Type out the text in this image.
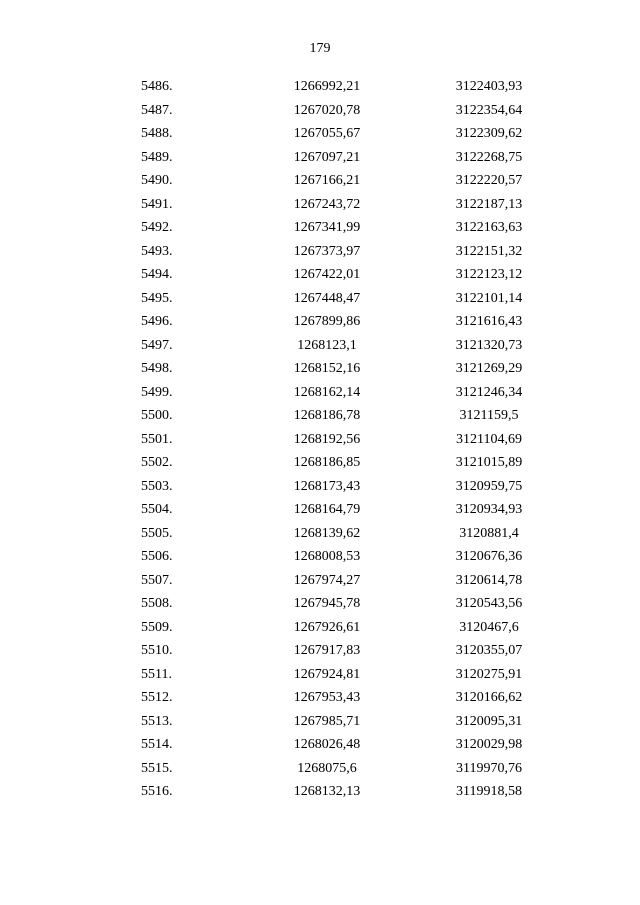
179
5486.	1266992,21	3122403,93
5487.	1267020,78	3122354,64
5488.	1267055,67	3122309,62
5489.	1267097,21	3122268,75
5490.	1267166,21	3122220,57
5491.	1267243,72	3122187,13
5492.	1267341,99	3122163,63
5493.	1267373,97	3122151,32
5494.	1267422,01	3122123,12
5495.	1267448,47	3122101,14
5496.	1267899,86	3121616,43
5497.	1268123,1	3121320,73
5498.	1268152,16	3121269,29
5499.	1268162,14	3121246,34
5500.	1268186,78	3121159,5
5501.	1268192,56	3121104,69
5502.	1268186,85	3121015,89
5503.	1268173,43	3120959,75
5504.	1268164,79	3120934,93
5505.	1268139,62	3120881,4
5506.	1268008,53	3120676,36
5507.	1267974,27	3120614,78
5508.	1267945,78	3120543,56
5509.	1267926,61	3120467,6
5510.	1267917,83	3120355,07
5511.	1267924,81	3120275,91
5512.	1267953,43	3120166,62
5513.	1267985,71	3120095,31
5514.	1268026,48	3120029,98
5515.	1268075,6	3119970,76
5516.	1268132,13	3119918,58
